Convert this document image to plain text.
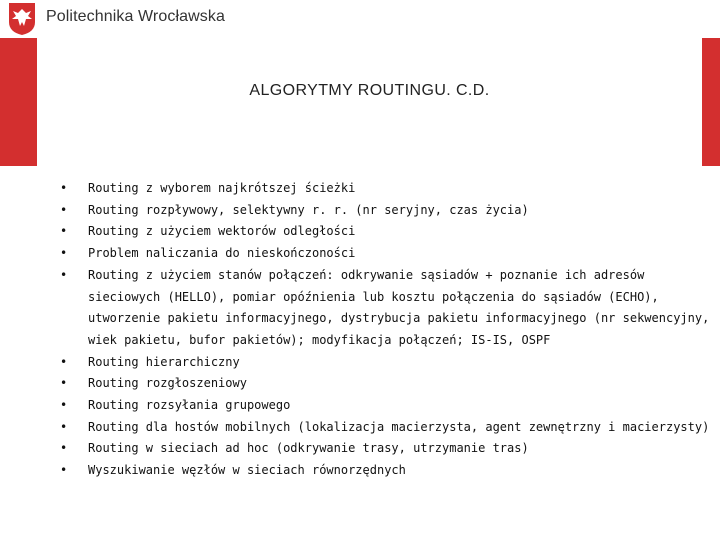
Politechnika Wrocławska
ALGORYTMY ROUTINGU. C.D.
• Routing z wyborem najkrótszej ścieżki
• Routing rozpływowy, selektywny r. r. (nr seryjny, czas życia)
• Routing z użyciem wektorów odległości
• Problem naliczania do nieskończoności
• Routing z użyciem stanów połączeń: odkrywanie sąsiadów + poznanie ich adresów sieciowych (HELLO), pomiar opóźnienia lub kosztu połączenia do sąsiadów (ECHO), utworzenie pakietu informacyjnego, dystrybucja pakietu informacyjnego (nr sekwencyjny, wiek pakietu, bufor pakietów); modyfikacja połączeń; IS-IS, OSPF
• Routing hierarchiczny
• Routing rozgłoszeniowy
• Routing rozsyłania grupowego
• Routing dla hostów mobilnych (lokalizacja macierzysta, agent zewnętrzny i macierzysty)
• Routing w sieciach ad hoc (odkrywanie trasy, utrzymanie tras)
• Wyszukiwanie węzłów w sieciach równorzędnych
